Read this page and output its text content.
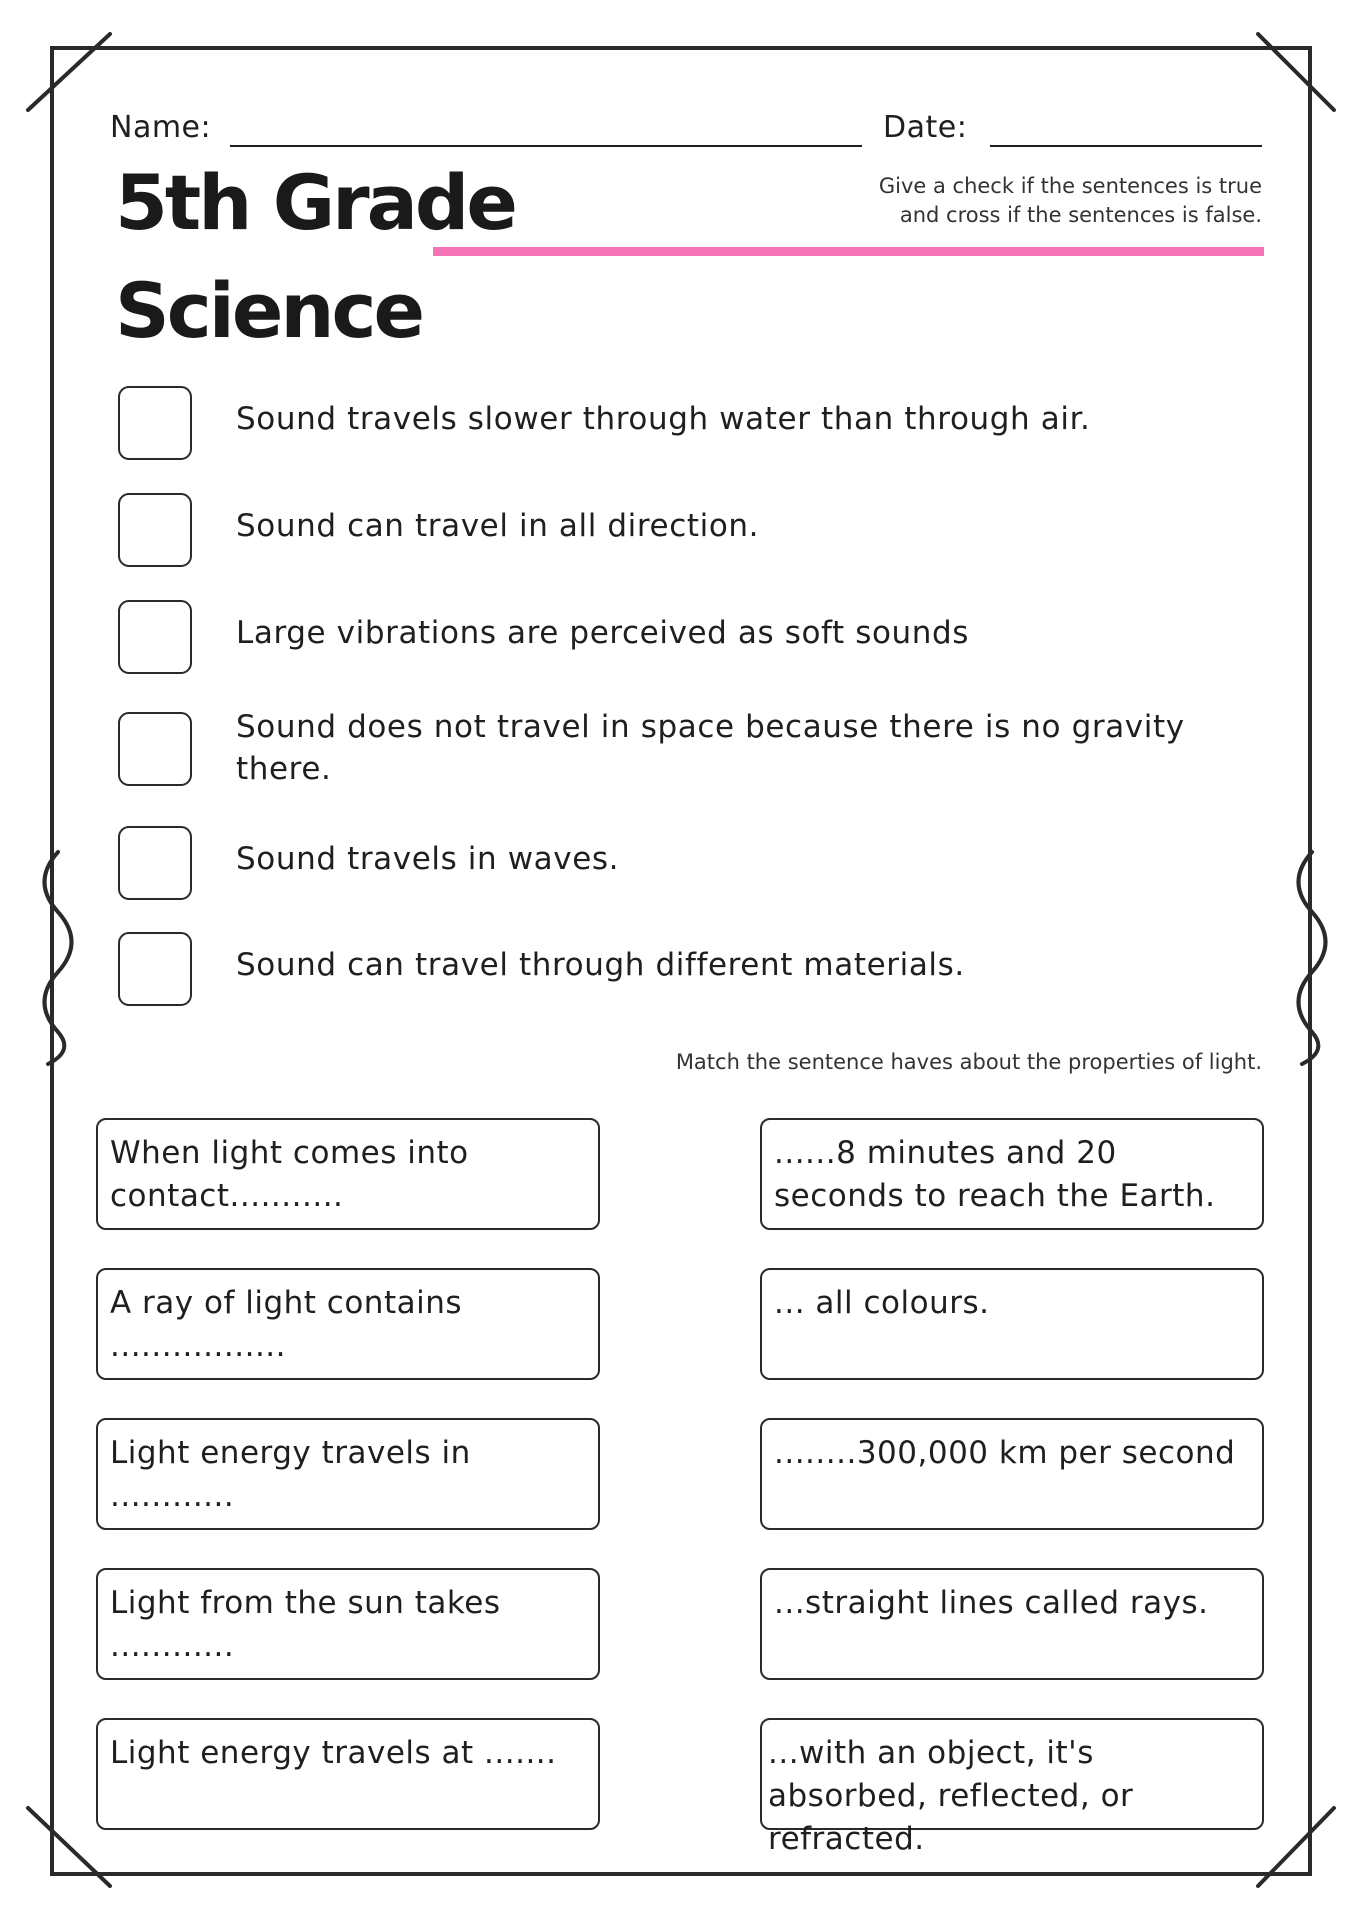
Name:	Date:
5th Grade
Science
Give a check if the sentences is true
and cross if the sentences is false.
Sound travels slower through water than through air.
Sound can travel in all direction.
Large vibrations are perceived as soft sounds
Sound does not travel in space because there is no gravity there.
Sound travels in waves.
Sound can travel through different materials.
Match the sentence haves about the properties of light.
When light comes into contact...........
A ray of light contains .................
Light energy travels in ............
Light from the sun takes ............
Light energy travels at .......
......8 minutes and 20 seconds to reach the Earth.
... all colours.
........300,000 km per second
...straight lines called rays.
...with an object, it's absorbed, reflected, or refracted.
